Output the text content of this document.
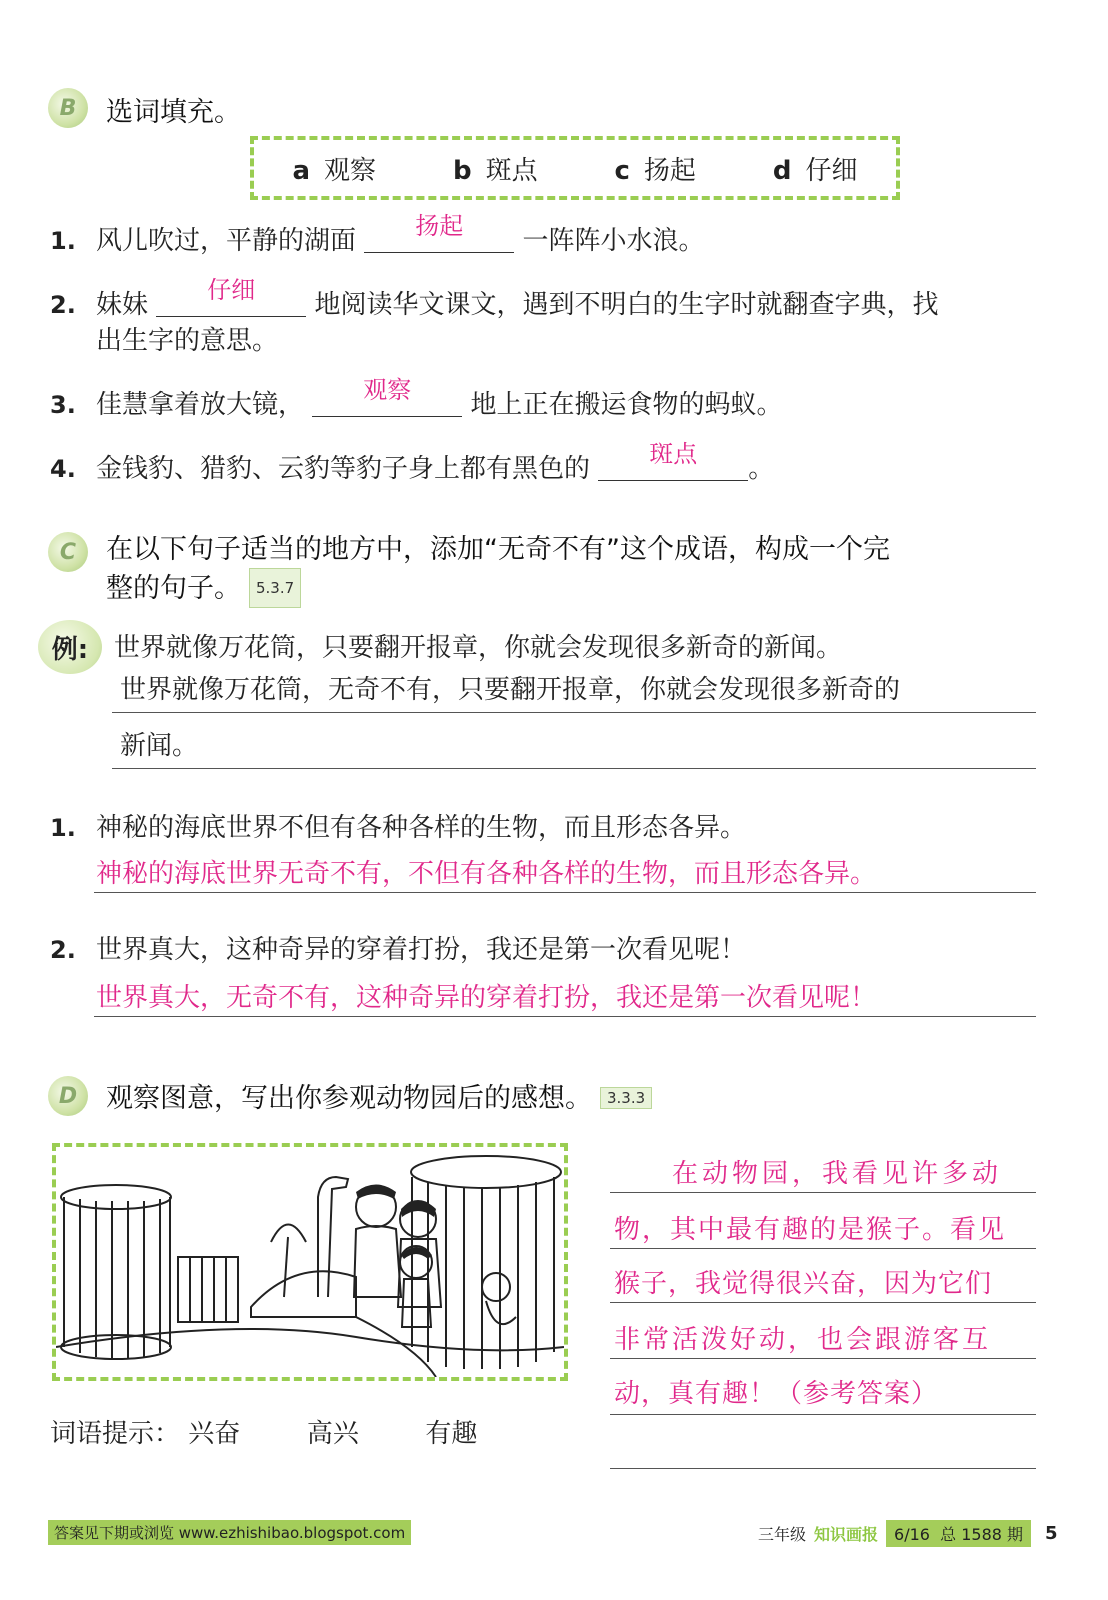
B	选词填充。
a 观察	b 斑点	c 扬起	d 仔细
1. 风儿吹过，平静的湖面	扬起	一阵阵小水浪。
2. 妹妹	仔细	地阅读华文课文，遇到不明白的生字时就翻查字典，找
出生字的意思。
3. 佳慧拿着放大镜，	观察	地上正在搬运食物的蚂蚁。
4. 金钱豹、猎豹、云豹等豹子身上都有黑色的	斑点	。
C	在以下句子适当的地方中，添加“无奇不有”这个成语，构成一个完
整的句子。 5.3.7
例: 世界就像万花筒，只要翻开报章，你就会发现很多新奇的新闻。
世界就像万花筒，无奇不有，只要翻开报章，你就会发现很多新奇的
新闻。
1. 神秘的海底世界不但有各种各样的生物，而且形态各异。
神秘的海底世界无奇不有，不但有各种各样的生物，而且形态各异。
2. 世界真大，这种奇异的穿着打扮，我还是第一次看见呢！
世界真大，无奇不有，这种奇异的穿着打扮，我还是第一次看见呢！
D	观察图意，写出你参观动物园后的感想。 3.3.3
词语提示： 兴奋	高兴	有趣
在动物园，我看见许多动
物，其中最有趣的是猴子。看见
猴子，我觉得很兴奋，因为它们
非常活泼好动，也会跟游客互
动，真有趣！（参考答案）
答案见下期或浏览 www.ezhishibao.blogspot.com	三年级 知识画报	6/16 总 1588 期	5
